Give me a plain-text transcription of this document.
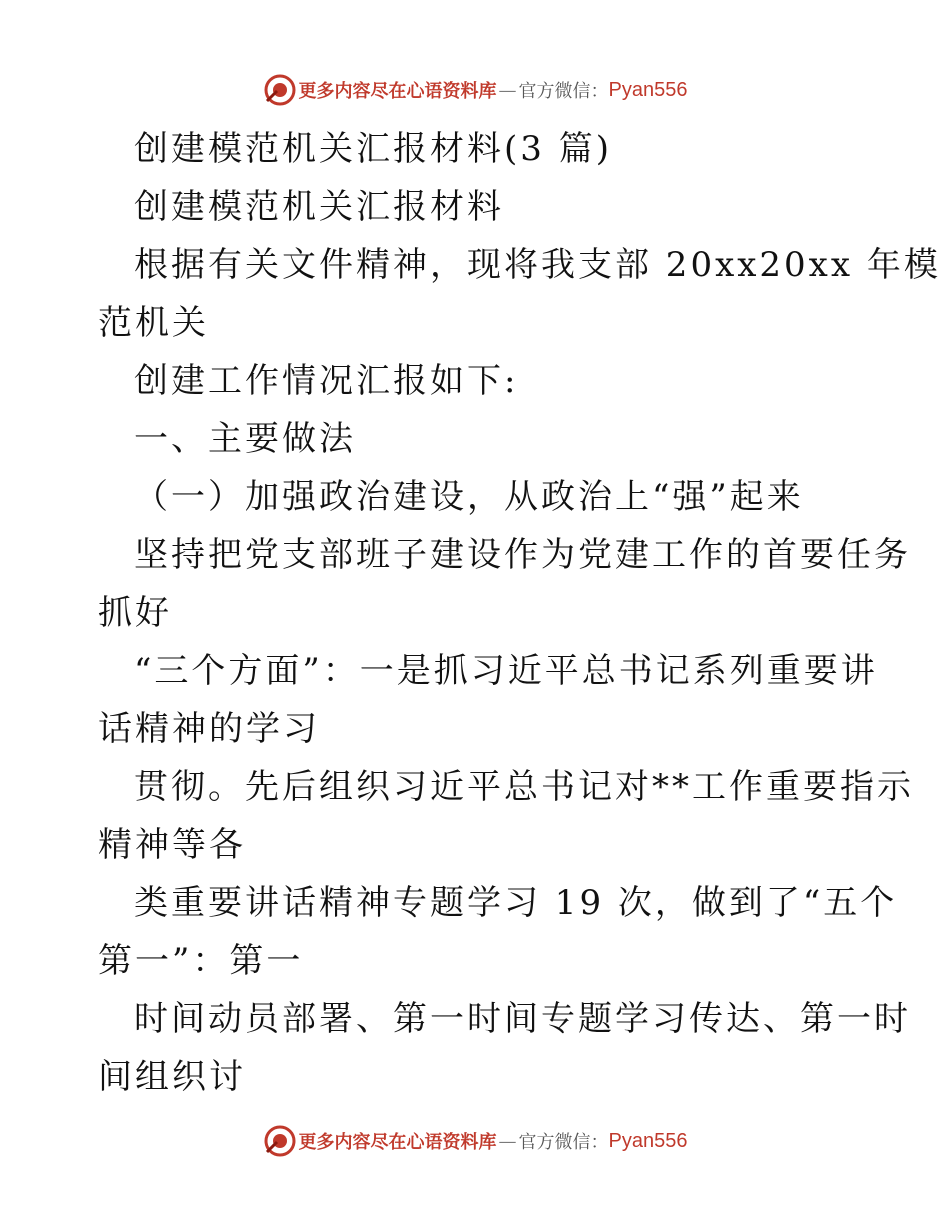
更多内容尽在心语资料库 — 官方微信： Pyan556

创建模范机关汇报材料(3 篇)

创建模范机关汇报材料

根据有关文件精神，现将我支部 20xx20xx 年模

范机关

创建工作情况汇报如下:

一、主要做法

（一）加强政治建设，从政治上“强”起来

坚持把党支部班子建设作为党建工作的首要任务

抓好

“三个方面”：一是抓习近平总书记系列重要讲

话精神的学习

贯彻。先后组织习近平总书记对**工作重要指示

精神等各

类重要讲话精神专题学习 19 次，做到了“五个

第一”：第一

时间动员部署、第一时间专题学习传达、第一时

间组织讨

更多内容尽在心语资料库 — 官方微信： Pyan556
